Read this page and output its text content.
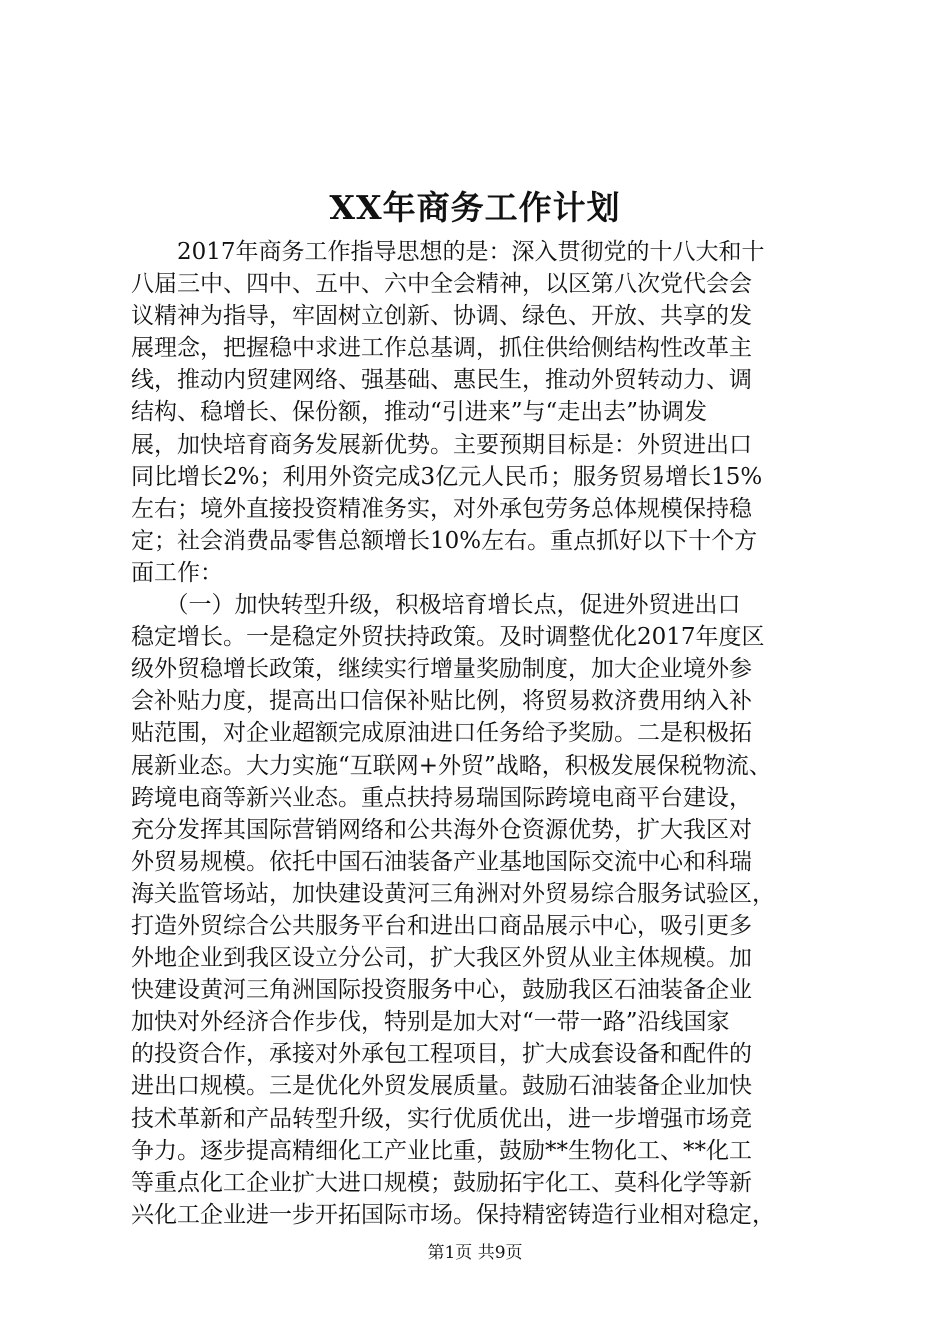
XX年商务工作计划
　　2017年商务工作指导思想的是：深入贯彻党的十八大和十
八届三中、四中、五中、六中全会精神，以区第八次党代会会
议精神为指导，牢固树立创新、协调、绿色、开放、共享的发
展理念，把握稳中求进工作总基调，抓住供给侧结构性改革主
线，推动内贸建网络、强基础、惠民生，推动外贸转动力、调
结构、稳增长、保份额，推动“引进来”与“走出去”协调发
展，加快培育商务发展新优势。主要预期目标是：外贸进出口
同比增长2%；利用外资完成3亿元人民币；服务贸易增长15%
左右；境外直接投资精准务实，对外承包劳务总体规模保持稳
定；社会消费品零售总额增长10%左右。重点抓好以下十个方
面工作：
　　（一）加快转型升级，积极培育增长点，促进外贸进出口
稳定增长。一是稳定外贸扶持政策。及时调整优化2017年度区
级外贸稳增长政策，继续实行增量奖励制度，加大企业境外参
会补贴力度，提高出口信保补贴比例，将贸易救济费用纳入补
贴范围，对企业超额完成原油进口任务给予奖励。二是积极拓
展新业态。大力实施“互联网+外贸”战略，积极发展保税物流、
跨境电商等新兴业态。重点扶持易瑞国际跨境电商平台建设，
充分发挥其国际营销网络和公共海外仓资源优势，扩大我区对
外贸易规模。依托中国石油装备产业基地国际交流中心和科瑞
海关监管场站，加快建设黄河三角洲对外贸易综合服务试验区，
打造外贸综合公共服务平台和进出口商品展示中心，吸引更多
外地企业到我区设立分公司，扩大我区外贸从业主体规模。加
快建设黄河三角洲国际投资服务中心，鼓励我区石油装备企业
加快对外经济合作步伐，特别是加大对“一带一路”沿线国家
的投资合作，承接对外承包工程项目，扩大成套设备和配件的
进出口规模。三是优化外贸发展质量。鼓励石油装备企业加快
技术革新和产品转型升级，实行优质优出，进一步增强市场竞
争力。逐步提高精细化工产业比重，鼓励**生物化工、**化工
等重点化工企业扩大进口规模；鼓励拓宇化工、莫科化学等新
兴化工企业进一步开拓国际市场。保持精密铸造行业相对稳定，
第1页 共9页
